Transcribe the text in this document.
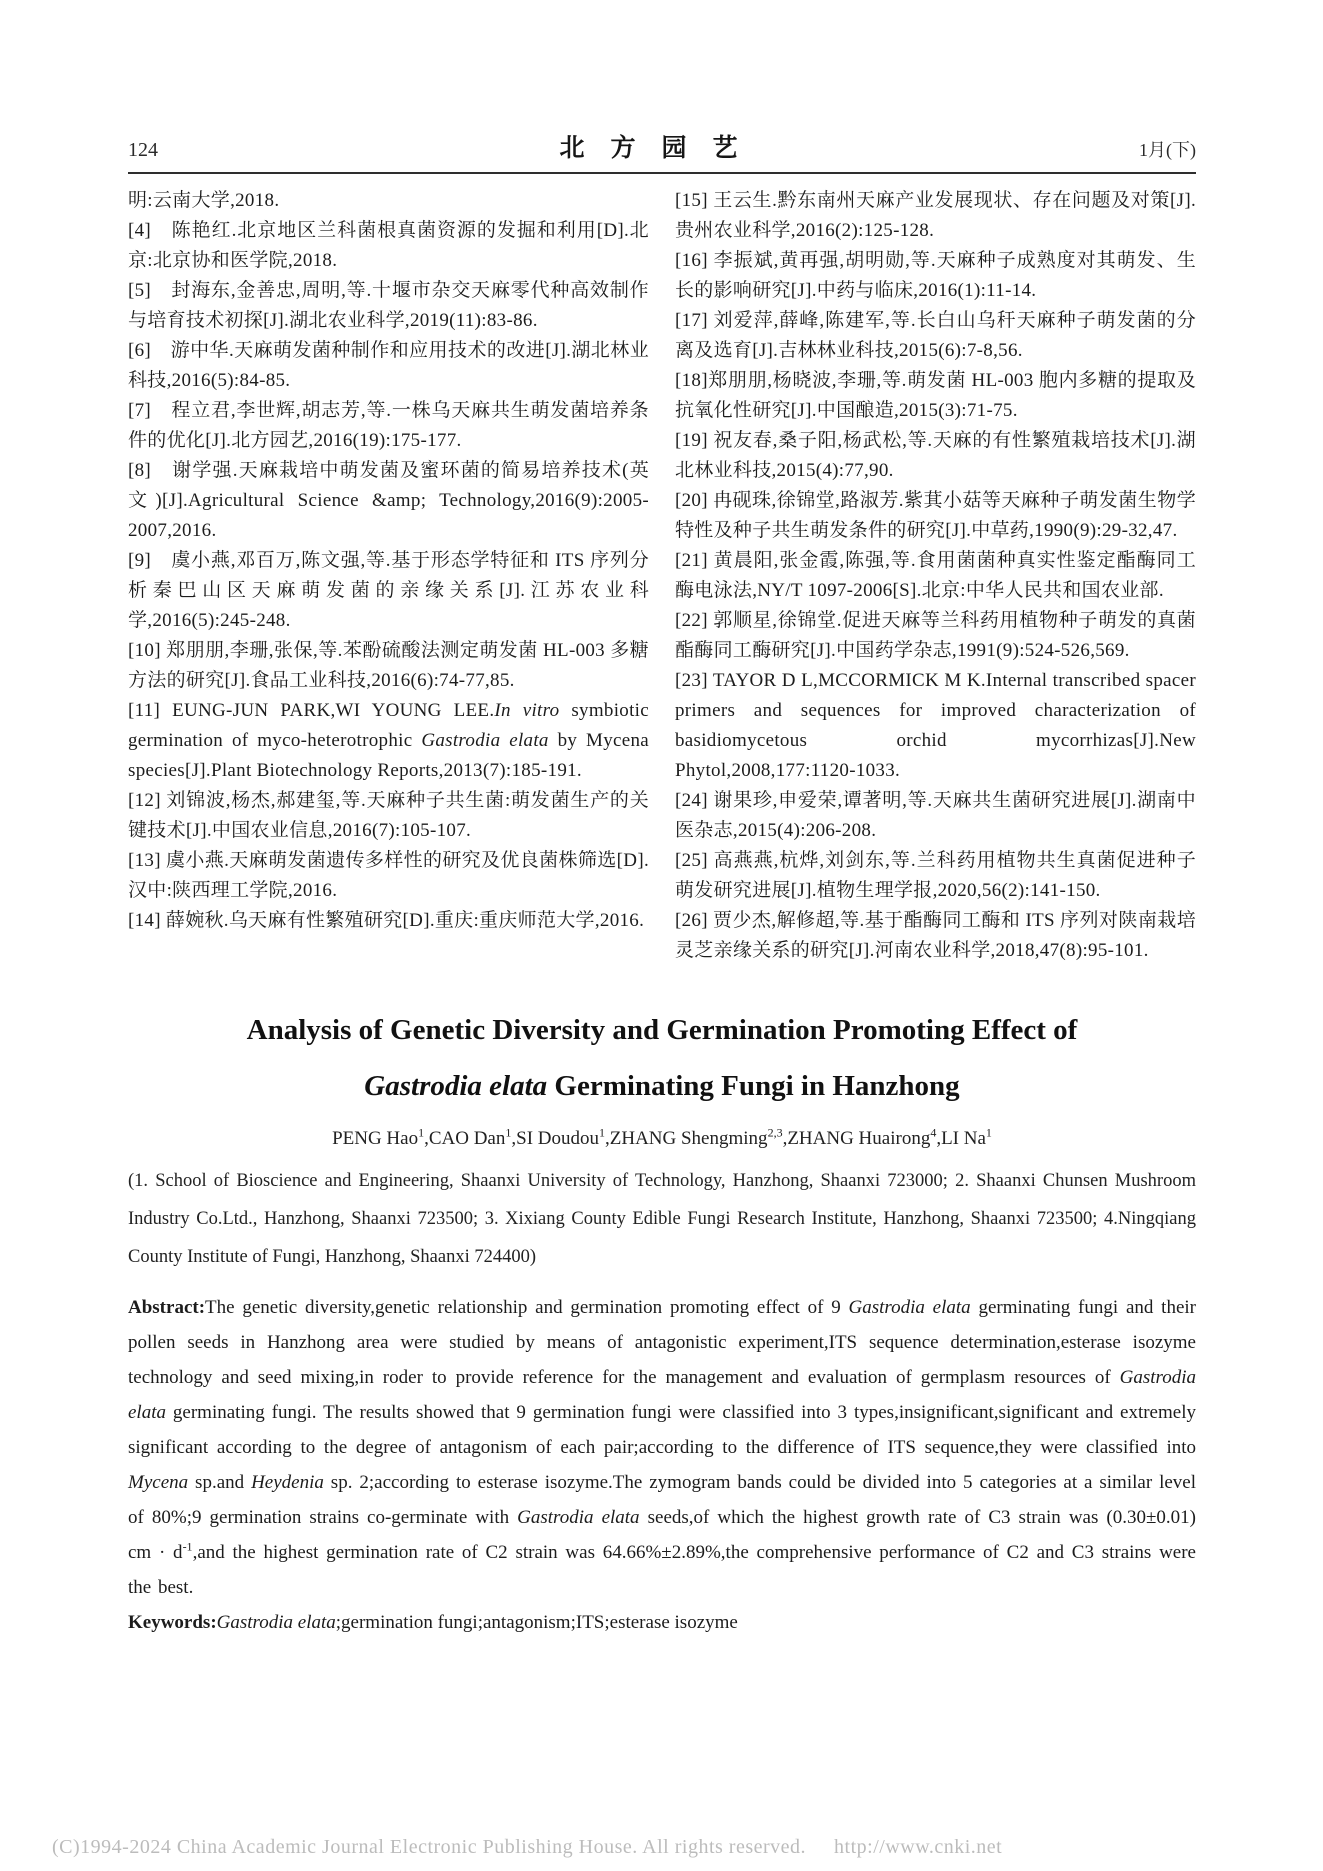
124	北方园艺	1月(下)

明:云南大学,2018.

[4]　陈艳红.北京地区兰科菌根真菌资源的发掘和利用[D].北京:北京协和医学院,2018.

[5]　封海东,金善忠,周明,等.十堰市杂交天麻零代种高效制作与培育技术初探[J].湖北农业科学,2019(11):83-86.

[6]　游中华.天麻萌发菌种制作和应用技术的改进[J].湖北林业科技,2016(5):84-85.

[7]　程立君,李世辉,胡志芳,等.一株乌天麻共生萌发菌培养条件的优化[J].北方园艺,2016(19):175-177.

[8]　谢学强.天麻栽培中萌发菌及蜜环菌的简易培养技术(英文)[J].Agricultural Science &amp; Technology,2016(9):2005-2007,2016.

[9]　虞小燕,邓百万,陈文强,等.基于形态学特征和 ITS 序列分析秦巴山区天麻萌发菌的亲缘关系[J].江苏农业科学,2016(5):245-248.

[10] 郑朋朋,李珊,张保,等.苯酚硫酸法测定萌发菌 HL-003 多糖方法的研究[J].食品工业科技,2016(6):74-77,85.

[11] EUNG-JUN PARK,WI YOUNG LEE.In vitro symbiotic germination of myco-heterotrophic Gastrodia elata by Mycena species[J].Plant Biotechnology Reports,2013(7):185-191.

[12] 刘锦波,杨杰,郝建玺,等.天麻种子共生菌:萌发菌生产的关键技术[J].中国农业信息,2016(7):105-107.

[13] 虞小燕.天麻萌发菌遗传多样性的研究及优良菌株筛选[D].汉中:陕西理工学院,2016.

[14] 薛婉秋.乌天麻有性繁殖研究[D].重庆:重庆师范大学,2016.

[15] 王云生.黔东南州天麻产业发展现状、存在问题及对策[J].贵州农业科学,2016(2):125-128.

[16] 李振斌,黄再强,胡明勋,等.天麻种子成熟度对其萌发、生长的影响研究[J].中药与临床,2016(1):11-14.

[17] 刘爱萍,薛峰,陈建军,等.长白山乌秆天麻种子萌发菌的分离及选育[J].吉林林业科技,2015(6):7-8,56.

[18]郑朋朋,杨晓波,李珊,等.萌发菌 HL-003 胞内多糖的提取及抗氧化性研究[J].中国酿造,2015(3):71-75.

[19] 祝友春,桑子阳,杨武松,等.天麻的有性繁殖栽培技术[J].湖北林业科技,2015(4):77,90.

[20] 冉砚珠,徐锦堂,路淑芳.紫萁小菇等天麻种子萌发菌生物学特性及种子共生萌发条件的研究[J].中草药,1990(9):29-32,47.

[21] 黄晨阳,张金霞,陈强,等.食用菌菌种真实性鉴定酯酶同工酶电泳法,NY/T 1097-2006[S].北京:中华人民共和国农业部.

[22] 郭顺星,徐锦堂.促进天麻等兰科药用植物种子萌发的真菌酯酶同工酶研究[J].中国药学杂志,1991(9):524-526,569.

[23] TAYOR D L,MCCORMICK M K.Internal transcribed spacer primers and sequences for improved characterization of basidiomycetous orchid mycorrhizas[J].New Phytol,2008,177:1120-1033.

[24] 谢果珍,申爱荣,谭著明,等.天麻共生菌研究进展[J].湖南中医杂志,2015(4):206-208.

[25] 高燕燕,杭烨,刘剑东,等.兰科药用植物共生真菌促进种子萌发研究进展[J].植物生理学报,2020,56(2):141-150.

[26] 贾少杰,解修超,等.基于酯酶同工酶和 ITS 序列对陕南栽培灵芝亲缘关系的研究[J].河南农业科学,2018,47(8):95-101.

Analysis of Genetic Diversity and Germination Promoting Effect of
Gastrodia elata Germinating Fungi in Hanzhong
PENG Hao$^1$,CAO Dan$^1$,SI Doudou$^1$,ZHANG Shengming$^{2,3}$,ZHANG Huairong$^4$,LI Na$^1$

(1. School of Bioscience and Engineering, Shaanxi University of Technology, Hanzhong, Shaanxi 723000; 2. Shaanxi Chunsen Mushroom Industry Co.Ltd., Hanzhong, Shaanxi 723500; 3. Xixiang County Edible Fungi Research Institute, Hanzhong, Shaanxi 723500; 4.Ningqiang County Institute of Fungi, Hanzhong, Shaanxi 724400)

Abstract:The genetic diversity,genetic relationship and germination promoting effect of 9 Gastrodia elata germinating fungi and their pollen seeds in Hanzhong area were studied by means of antagonistic experiment,ITS sequence determination,esterase isozyme technology and seed mixing,in roder to provide reference for the management and evaluation of germplasm resources of Gastrodia elata germinating fungi. The results showed that 9 germination fungi were classified into 3 types,insignificant,significant and extremely significant according to the degree of antagonism of each pair;according to the difference of ITS sequence,they were classified into Mycena sp.and Heydenia sp. 2;according to esterase isozyme.The zymogram bands could be divided into 5 categories at a similar level of 80%;9 germination strains co-germinate with Gastrodia elata seeds,of which the highest growth rate of C3 strain was (0.30±0.01) cm · $d^{-1},and$ the highest germination rate of C2 strain was 64.66%±2.89%,the comprehensive performance of C2 and C3 strains were the best.

Keywords:Gastrodia elata;germination fungi;antagonism;ITS;esterase isozyme

(C)1994-2024 China Academic Journal Electronic Publishing House. All rights reserved. http://www.cnki.net
